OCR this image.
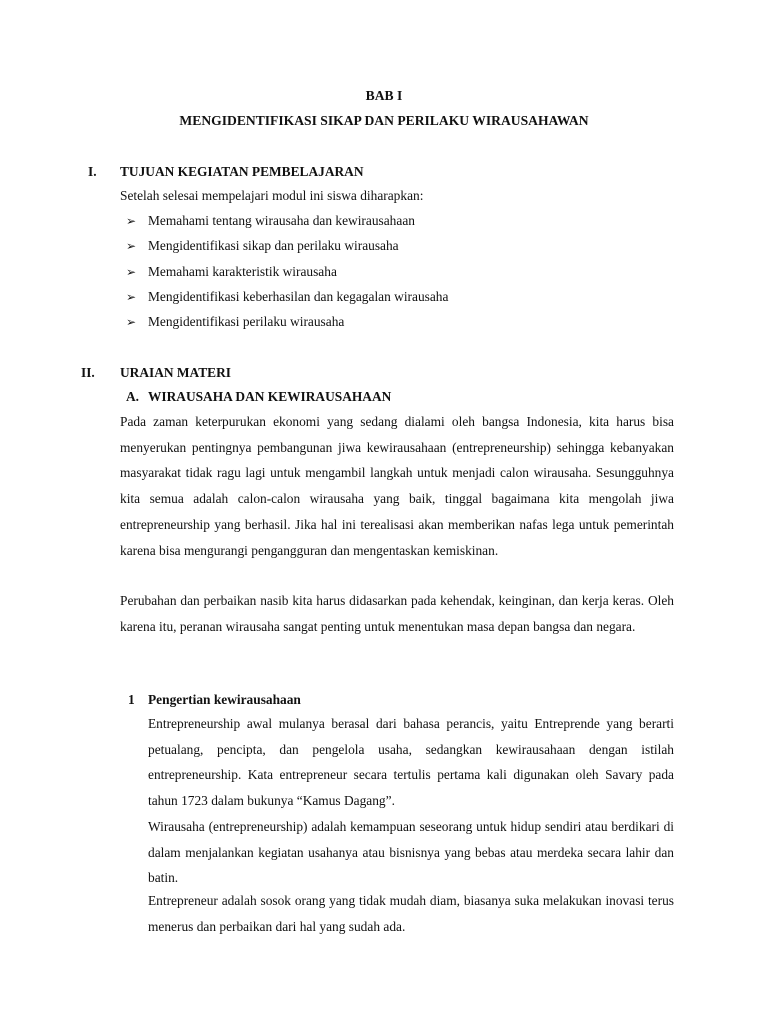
BAB I
MENGIDENTIFIKASI SIKAP DAN PERILAKU WIRAUSAHAWAN
I. TUJUAN KEGIATAN PEMBELAJARAN
Setelah selesai mempelajari modul ini siswa diharapkan:
➢ Memahami tentang wirausaha dan kewirausahaan
➢ Mengidentifikasi sikap dan perilaku wirausaha
➢ Memahami karakteristik wirausaha
➢ Mengidentifikasi keberhasilan dan kegagalan wirausaha
➢ Mengidentifikasi perilaku wirausaha
II. URAIAN MATERI
A. WIRAUSAHA DAN KEWIRAUSAHAAN

Pada zaman keterpurukan ekonomi yang sedang dialami oleh bangsa Indonesia, kita harus bisa menyerukan pentingnya pembangunan jiwa kewirausahaan (entrepreneurship) sehingga kebanyakan masyarakat tidak ragu lagi untuk mengambil langkah untuk menjadi calon wirausaha. Sesungguhnya kita semua adalah calon-calon wirausaha yang baik, tinggal bagaimana kita mengolah jiwa entrepreneurship yang berhasil. Jika hal ini terealisasi akan memberikan nafas lega untuk pemerintah karena bisa mengurangi pengangguran dan mengentaskan kemiskinan.

Perubahan dan perbaikan nasib kita harus didasarkan pada kehendak, keinginan, dan kerja keras. Oleh karena itu, peranan wirausaha sangat penting untuk menentukan masa depan bangsa dan negara.

1 Pengertian kewirausahaan

Entrepreneurship awal mulanya berasal dari bahasa perancis, yaitu Entreprende yang berarti petualang, pencipta, dan pengelola usaha, sedangkan kewirausahaan dengan istilah entrepreneurship. Kata entrepreneur secara tertulis pertama kali digunakan oleh Savary pada tahun 1723 dalam bukunya “Kamus Dagang”.

Wirausaha (entrepreneurship) adalah kemampuan seseorang untuk hidup sendiri atau berdikari di dalam menjalankan kegiatan usahanya atau bisnisnya yang bebas atau merdeka secara lahir dan batin.

Entrepreneur adalah sosok orang yang tidak mudah diam, biasanya suka melakukan inovasi terus menerus dan perbaikan dari hal yang sudah ada.
